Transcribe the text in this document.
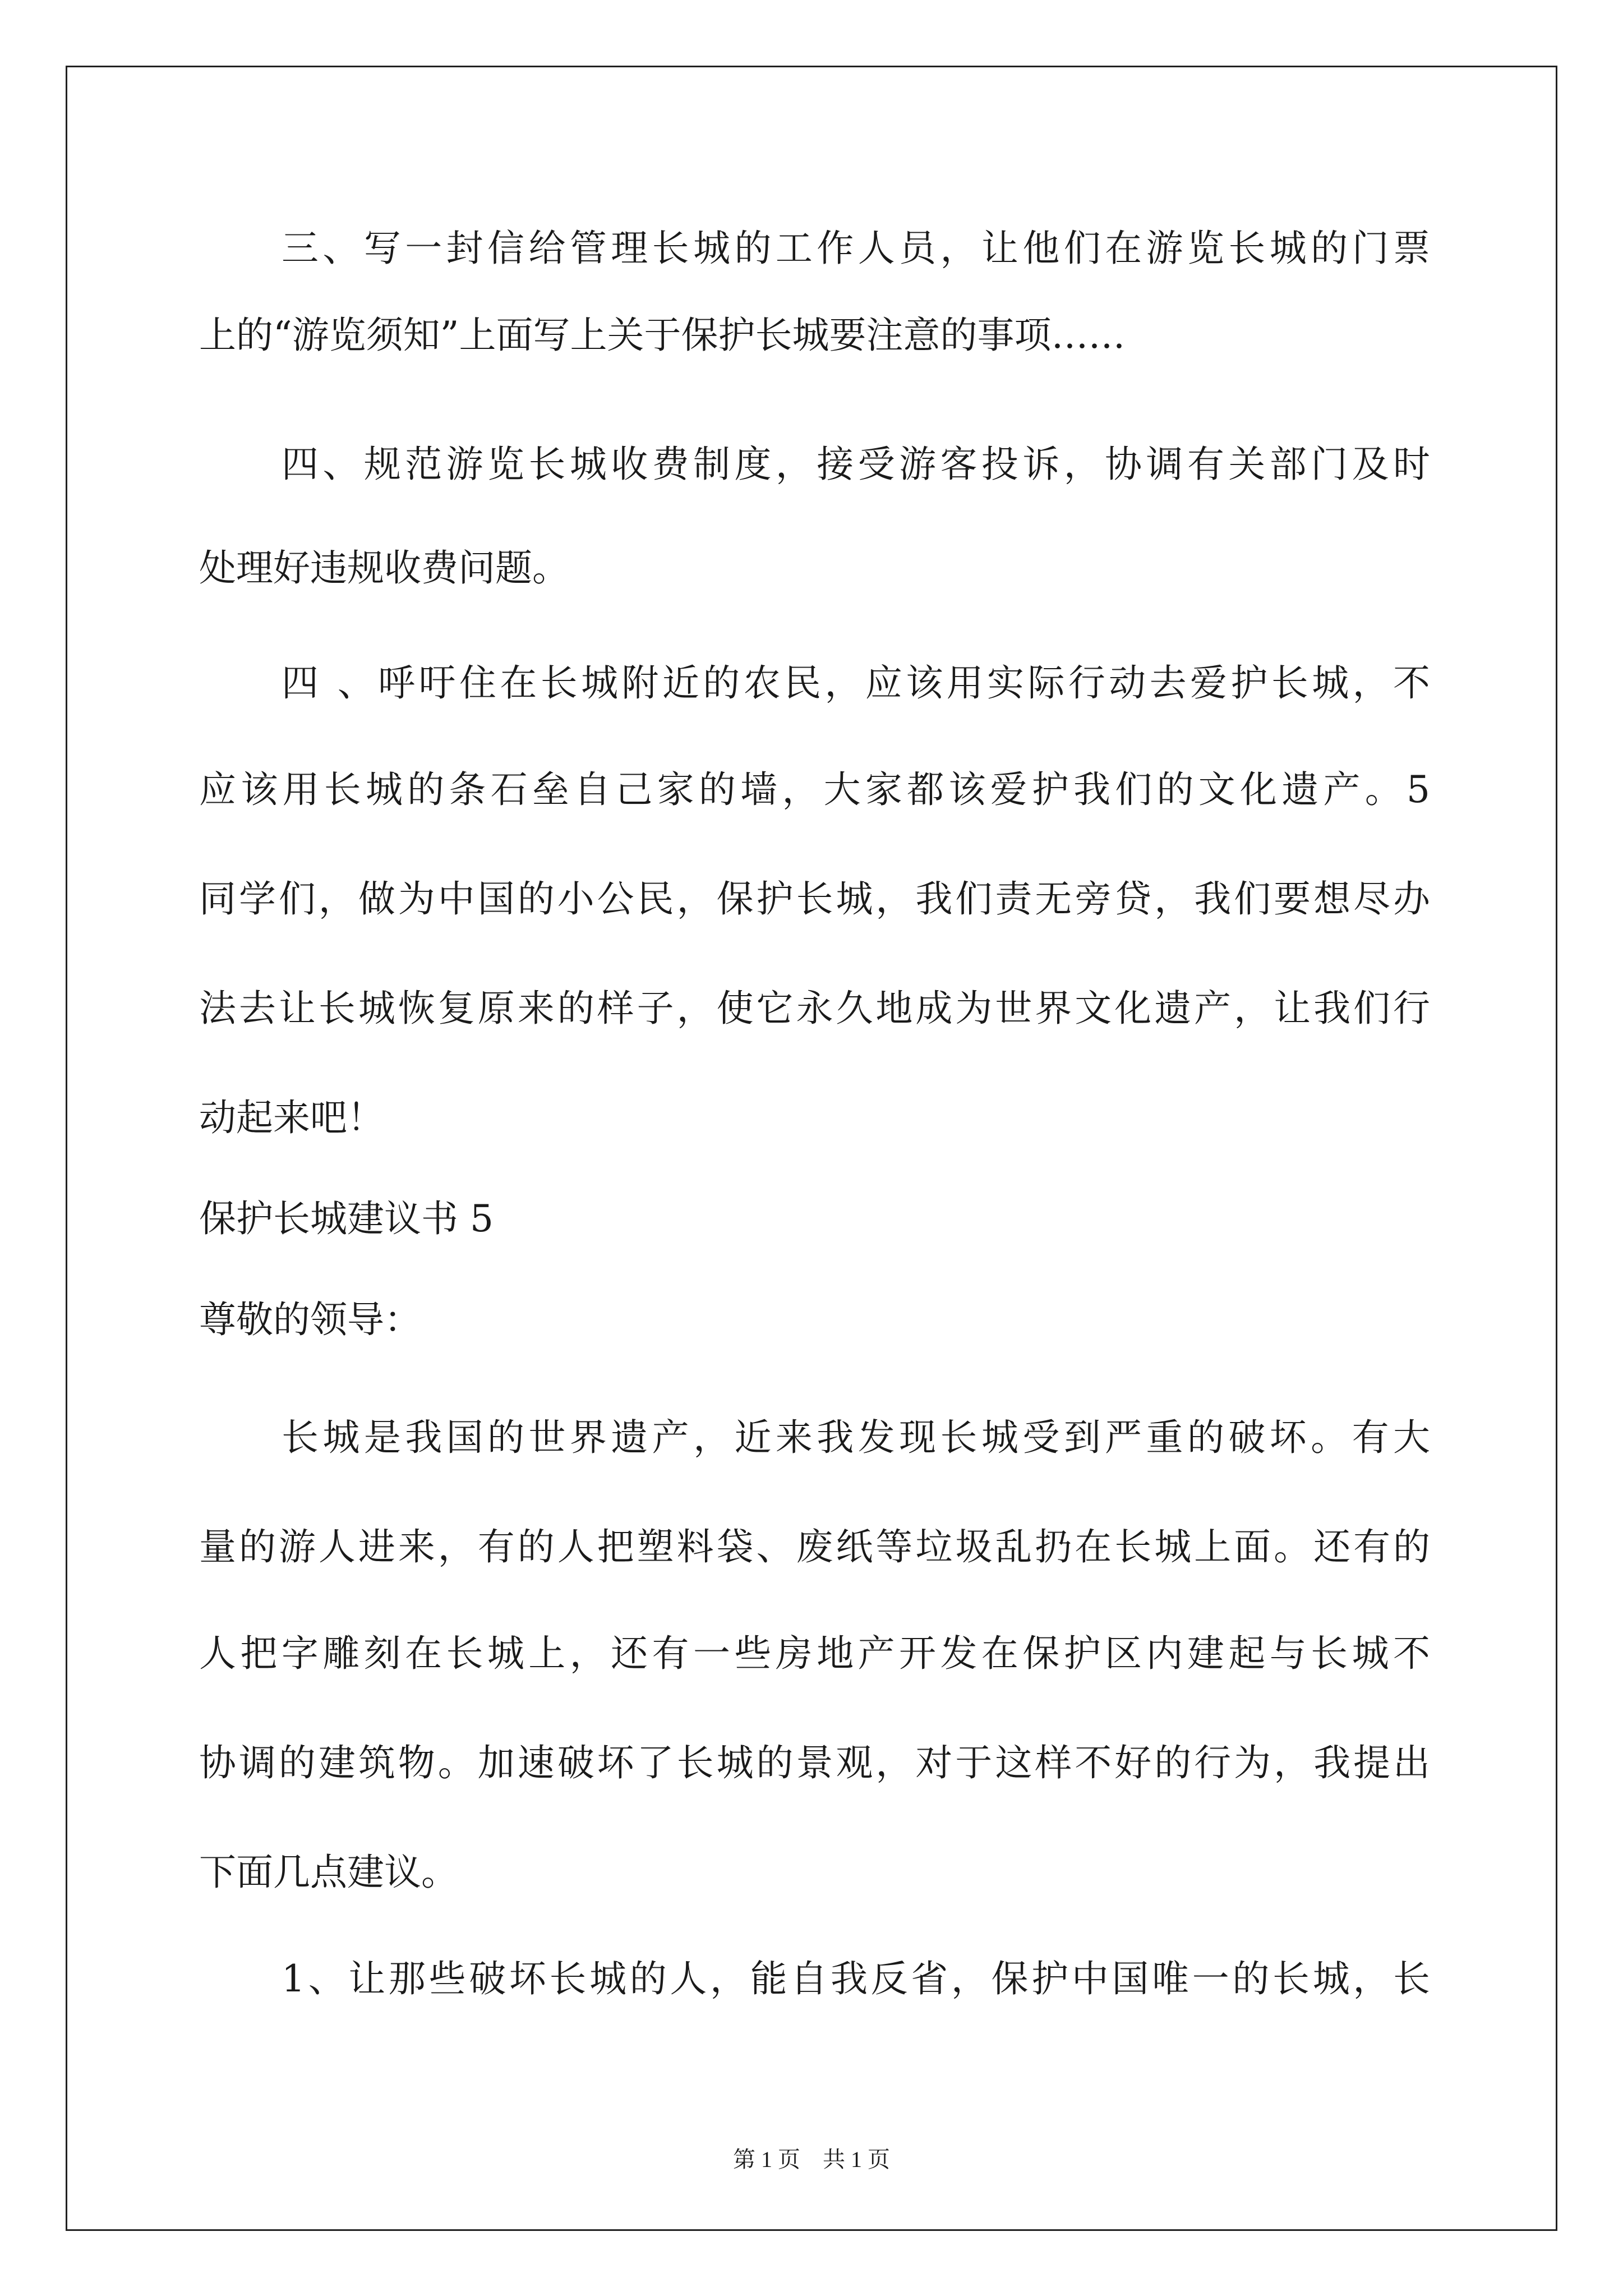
三、写一封信给管理长城的工作人员，让他们在游览长城的门票
上的“游览须知”上面写上关于保护长城要注意的事项……
四、规范游览长城收费制度，接受游客投诉，协调有关部门及时
处理好违规收费问题。
四 、呼吁住在长城附近的农民，应该用实际行动去爱护长城，不
应该用长城的条石垒自己家的墙，大家都该爱护我们的文化遗产。5
同学们，做为中国的小公民，保护长城，我们责无旁贷，我们要想尽办
法去让长城恢复原来的样子，使它永久地成为世界文化遗产，让我们行
动起来吧！
保护长城建议书 5
尊敬的领导：
长城是我国的世界遗产，近来我发现长城受到严重的破坏。有大
量的游人进来，有的人把塑料袋、废纸等垃圾乱扔在长城上面。还有的
人把字雕刻在长城上，还有一些房地产开发在保护区内建起与长城不
协调的建筑物。加速破坏了长城的景观，对于这样不好的行为，我提出
下面几点建议。
1、让那些破坏长城的人，能自我反省，保护中国唯一的长城，长
第 1 页　共 1 页
